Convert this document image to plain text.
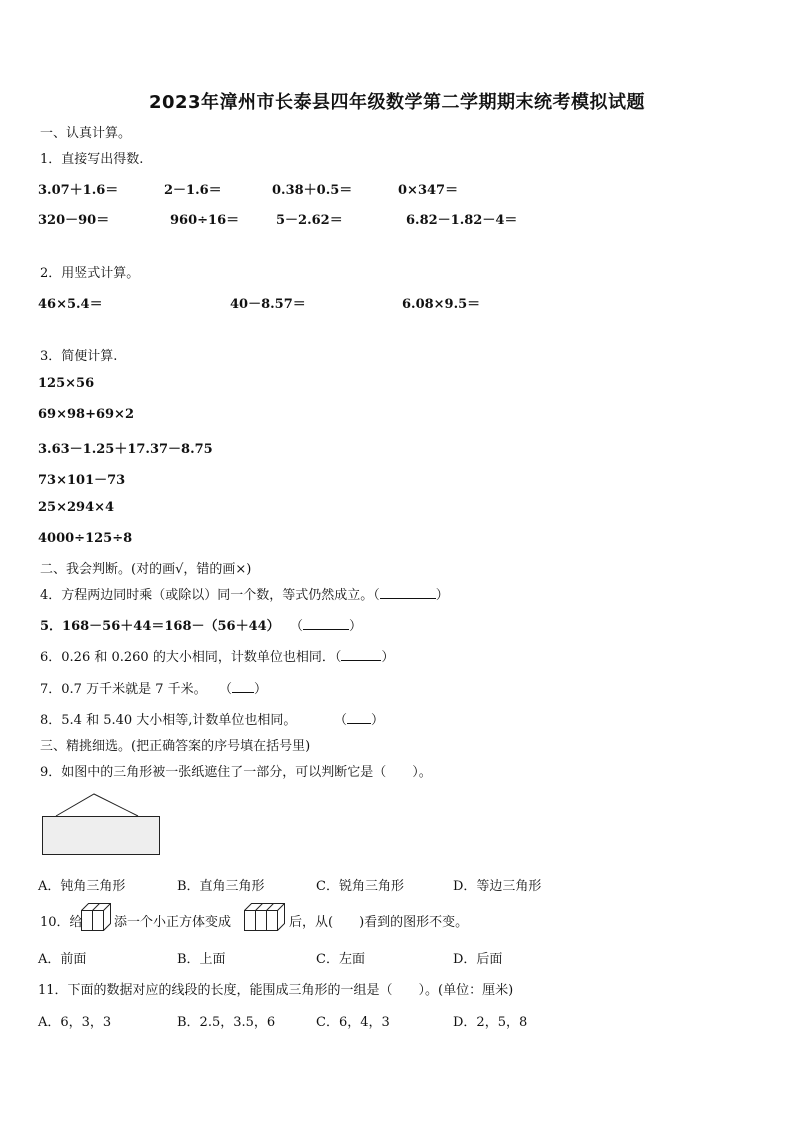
2023年漳州市长泰县四年级数学第二学期期末统考模拟试题
一、认真计算。
1．直接写出得数.
3.07＋1.6＝	2－1.6＝	0.38＋0.5＝	0×347＝
320－90＝	960÷16＝	5－2.62＝	6.82－1.82－4＝
2．用竖式计算。
46×5.4＝	40－8.57＝	6.08×9.5＝
3．简便计算.
125×56
69×98+69×2
3.63－1.25＋17.37－8.75
73×101－73
25×294×4
4000÷125÷8
二、我会判断。(对的画√，错的画×)
4．方程两边同时乘（或除以）同一个数，等式仍然成立。（	）
5．168－56＋44＝168－（56＋44） （	）
6．0.26 和 0.260 的大小相同，计数单位也相同．（	）
7．0.7 万千米就是 7 千米。 （ ）
8．5.4 和 5.40 大小相等,计数单位也相同。	（ ）
三、精挑细选。(把正确答案的序号填在括号里)
9．如图中的三角形被一张纸遮住了一部分，可以判断它是（　　）。
A．钝角三角形	B．直角三角形	C．锐角三角形	D．等边三角形
10．给 添一个小正方体变成	后，从(　　)看到的图形不变。
A．前面	B．上面	C．左面	D．后面
11．下面的数据对应的线段的长度，能围成三角形的一组是（　　）。(单位：厘米)
A．6，3，3	B．2.5，3.5，6	C．6，4，3	D．2，5，8
